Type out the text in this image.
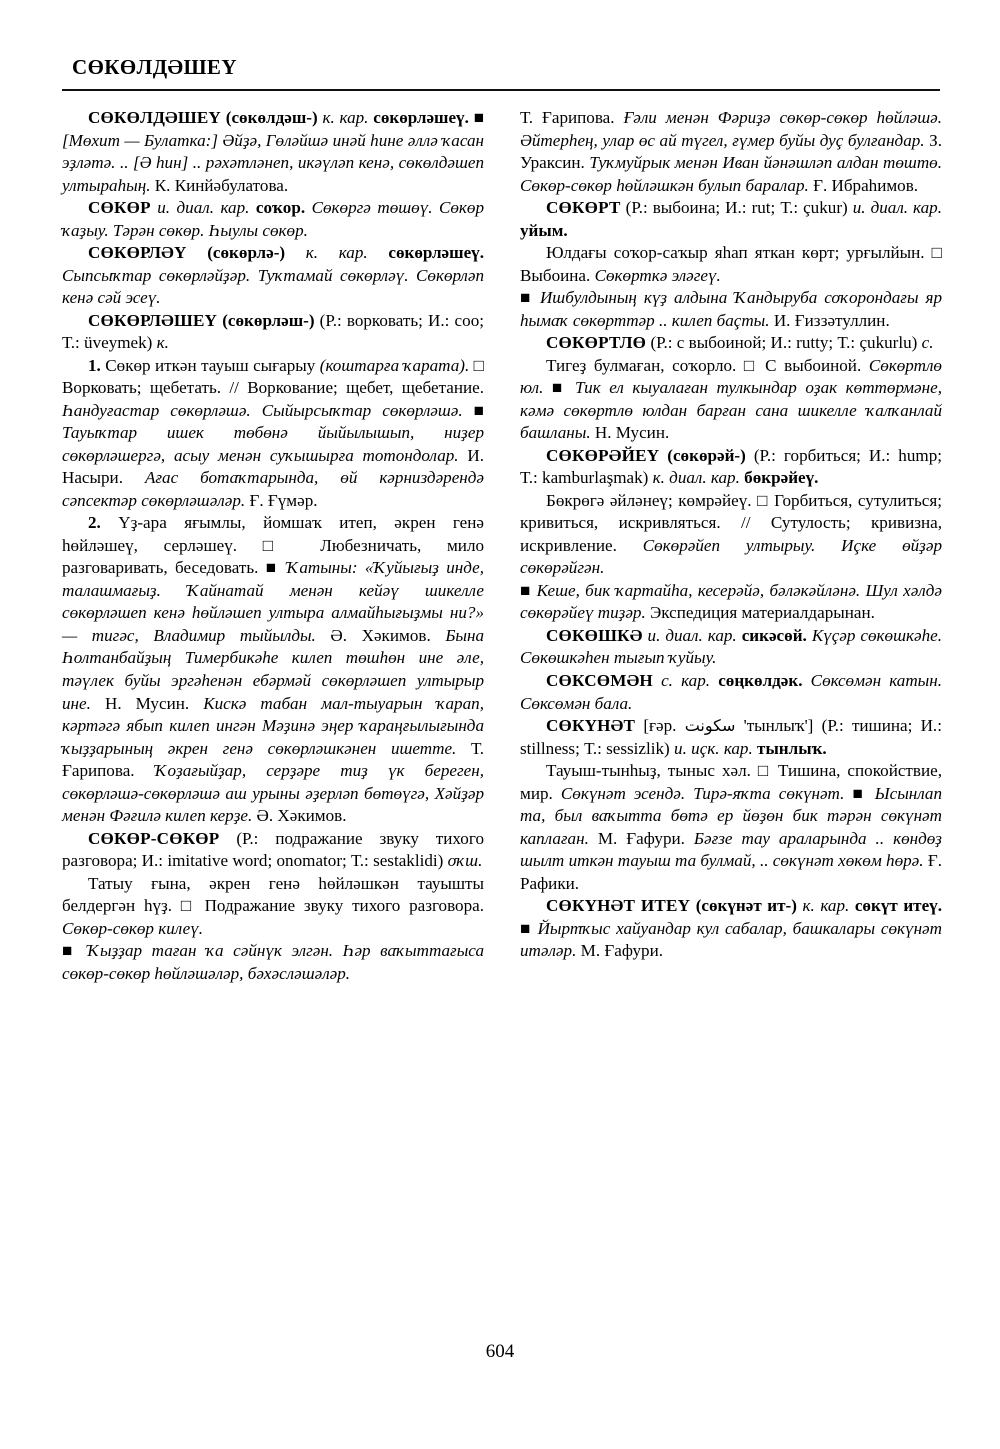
СӨКӨЛДӘШЕҮ

СӨКӨЛДӘШЕҮ (сөкөлдәш-) к. кар. сөкөрләшеү. ■ [Мөхит — Булатка:] Әйҙә, Гөләйшә инәй һине әллә ҡасан эҙләтә. .. [Ә һин] .. рәхәтләнеп, икәүләп кенә, сөкөлдәшеп ултыраһың. К. Кинйәбулатова.

СӨКӨР и. диал. кар. соҡор. Сөкөргә төшөү. Сөкөр ҡаҙыу. Тәрән сөкөр. Һыулы сөкөр.

СӨКӨРЛӘҮ (сөкөрлә-) к. кар. сөкөрләшеү. Сыпсыҡтар сөкөрләйҙәр. Туҡтамай сөкөрләү. Сөкөрләп кенә сәй эсеү.

СӨКӨРЛӘШЕҮ (сөкөрләш-) (Р.: ворковать; И.: coo; Т.: üveymek) к.

1. Сөкөр иткән тауыш сығарыу (коштарға ҡарата). □ Ворковать; щебетать. // Воркование; щебет, щебетание. Һандуғастар сөкөрләшә. Сыйырсыҡтар сөкөрләшә. ■ Тауыҡтар ишек төбөнә йыйылышып, ниҙер сөкөрләшергә, асыу менән суҡышырға тотондолар. И. Насыри. Ағас ботаҡтарында, өй кәрниздәрендә сәпсектәр сөкөрләшәләр. Ғ. Ғүмәр.

2. Үҙ-ара яғымлы, йомшаҡ итеп, әкрен генә һөйләшеү, серләшеү. □ Любезничать, мило разговаривать, беседовать. ■ Ҡатыны: «Ҡуйығыҙ инде, талашмағыҙ. Ҡайнатай менән кейәү шикелле сөкөрләшеп кенә һөйләшеп ултыра алмайһығыҙмы ни?» — тигәс, Владимир тыйылды. Ә. Хәкимов. Бына Һолтанбайҙың Тимербикәһе килеп төшһөн ине әле, тәүлек буйы эргәһенән ебәрмәй сөкөрләшеп ултырыр ине. Н. Мусин. Кискә табан мал-тыуарын ҡарап, кәртәгә ябып килеп ингән Мәҙинә эңер ҡараңғылығында ҡыҙҙарының әкрен генә сөкөрләшкәнен ишетте. Т. Ғарипова. Ҡоҙағыйҙар, серҙәре тиҙ үк береген, сөкөрләшә-сөкөрләшә аш урыны әҙерләп бөтөүгә, Хәйҙәр менән Фәғилә килеп керҙе. Ә. Хәкимов.

СӨКӨР-СӨКӨР (Р.: подражание звуку тихого разговора; И.: imitative word; onomator; Т.: sestaklidi) оҡш.

Татыу ғына, әкрен генә һөйләшкән тауышты белдергән һүҙ. □ Подражание звуку тихого разговора. Сөкөр-сөкөр килеү.

■ Ҡыҙҙар таған ҡа сәйнүк элгән. Һәр ваҡыттағыса сөкөр-сөкөр һөйләшәләр, бәхәсләшәләр.

Т. Ғарипова. Ғәли менән Фәриҙә сөкөр-сөкөр һөйләшә. Әйтерһең, улар өс ай түгел, ғүмер буйы дуç булғандар. З. Ураксин. Туҡмуйрык менән Иван йәнәшләп алдан төштө. Сөкөр-сөкөр һөйләшкән булып баралар. Ғ. Ибраһимов.

СӨКӨРТ (Р.: выбоина; И.: rut; Т.: çukur) и. диал. кар. уйым.

Юлдағы соҡор-саҡыр яһап яткан көрт; урғылйын. □ Выбоина. Сөкөрткә эләгеү.

■ Ишбулдының күҙ алдына Ҡандыруба соҡорондағы яр һымаҡ сөкөрттәр .. килеп баçты. И. Ғиззәтуллин.

СӨКӨРТЛӨ (Р.: с выбоиной; И.: rutty; Т.: çukurlu) с.

Тигеҙ булмаған, соҡорло. □ С выбоиной. Сөкөртлө юл. ■ Тик ел кыуалаған тулкындар оҙак көттөрмәне, кәмә сөкөртлө юлдан барған сана шикелле ҡалҡанлай башланы. Н. Мусин.

СӨКӨРӘЙЕҮ (сөкөрәй-) (Р.: горбиться; И.: hump; Т.: kamburlaşmak) к. диал. кар. бөкрәйеү.

Бөкрөгә әйләнеү; көмрәйеү. □ Горбиться, сутулиться; кривиться, искривляться. // Сутулость; кривизна, искривление. Сөкөрәйеп ултырыу. Иçке өйҙәр сөкөрәйгән.

■ Кеше, бик ҡартайһа, кесерәйә, бәләкәйләнә. Шул хәлдә сөкөрәйеү тиҙәр. Экспедиция материалдарынан.

СӨКӨШКӘ и. диал. кар. сикәсөй. Күçәр сөкөшкәһе. Сөкөшкәһен тығып ҡуйыу.

СӨКСӨМӘН с. кар. сөңкөлдәк. Сөксөмән катын. Сөксөмән бала.

СӨКҮНӘТ [ғәр. سكونت 'тынлыҡ'] (Р.: тишина; И.: stillness; Т.: sessizlik) и. иçк. кар. тынлыҡ.

Тауыш-тынһыҙ, тыныс хәл. □ Тишина, спокойствие, мир. Сөкүнәт эсендә. Тирә-яҡта сөкүнәт. ■ Ысынлап та, был ваҡытта бөтә ер йөҙөн бик тәрән сөкүнәт каплаған. М. Ғафури. Бәғзе тау араларында .. көндөҙ шылт иткән тауыш та булмай, .. сөкүнәт хөкөм һөрә. Ғ. Рафики.

СӨКҮНӘТ ИТЕҮ (сөкүнәт ит-) к. кар. сөкүт итеү. ■ Йыртҡыс хайуандар кул сабалар, башкалары сөкүнәт итәләр. М. Ғафури.

604
